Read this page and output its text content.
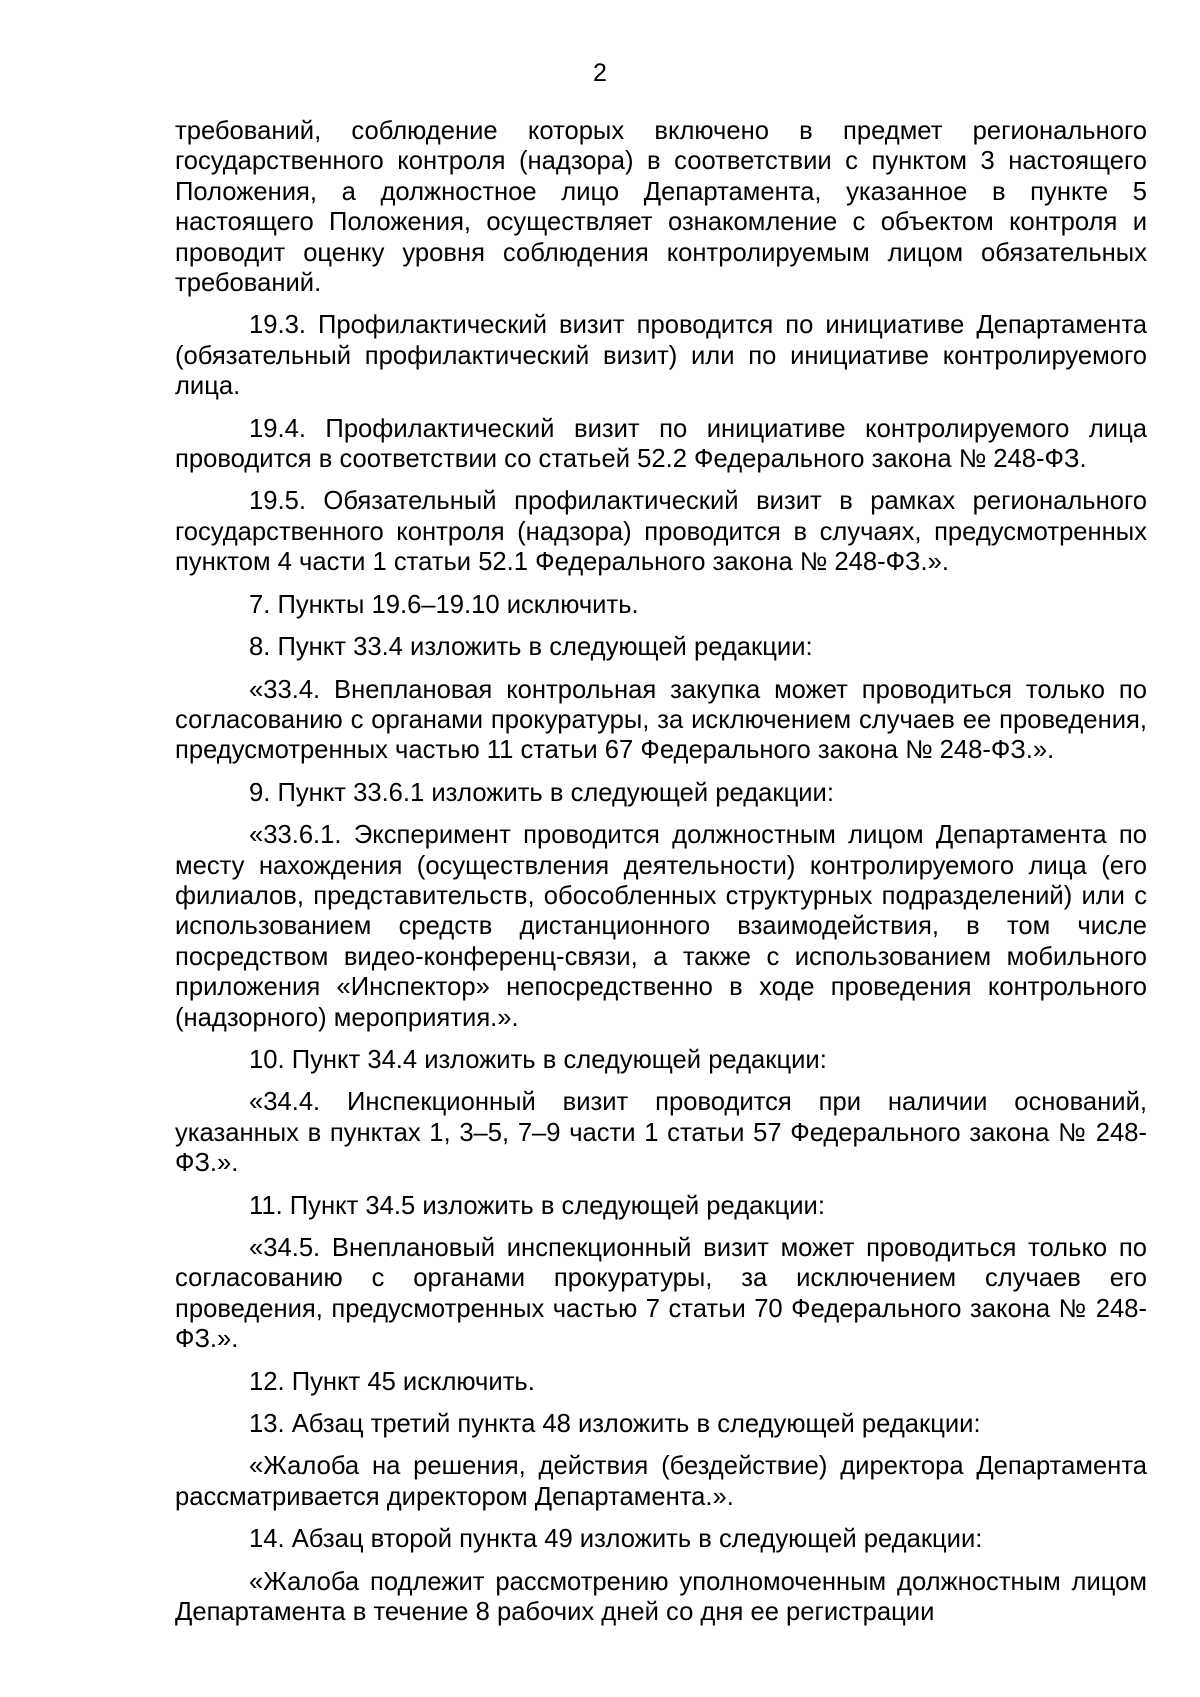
2

требований, соблюдение которых включено в предмет регионального государственного контроля (надзора) в соответствии с пунктом 3 настоящего Положения, а должностное лицо Департамента, указанное в пункте 5 настоящего Положения, осуществляет ознакомление с объектом контроля и проводит оценку уровня соблюдения контролируемым лицом обязательных требований.

19.3. Профилактический визит проводится по инициативе Департамента (обязательный профилактический визит) или по инициативе контролируемого лица.

19.4. Профилактический визит по инициативе контролируемого лица проводится в соответствии со статьей 52.2 Федерального закона № 248-ФЗ.

19.5. Обязательный профилактический визит в рамках регионального государственного контроля (надзора) проводится в случаях, предусмотренных пунктом 4 части 1 статьи 52.1 Федерального закона № 248-ФЗ.».

7. Пункты 19.6–19.10 исключить.

8. Пункт 33.4 изложить в следующей редакции:

«33.4. Внеплановая контрольная закупка может проводиться только по согласованию с органами прокуратуры, за исключением случаев ее проведения, предусмотренных частью 11 статьи 67 Федерального закона № 248-ФЗ.».

9. Пункт 33.6.1 изложить в следующей редакции:

«33.6.1. Эксперимент проводится должностным лицом Департамента по месту нахождения (осуществления деятельности) контролируемого лица (его филиалов, представительств, обособленных структурных подразделений) или с использованием средств дистанционного взаимодействия, в том числе посредством видео-конференц-связи, а также с использованием мобильного приложения «Инспектор» непосредственно в ходе проведения контрольного (надзорного) мероприятия.».

10. Пункт 34.4 изложить в следующей редакции:

«34.4. Инспекционный визит проводится при наличии оснований, указанных в пунктах 1, 3–5, 7–9 части 1 статьи 57 Федерального закона № 248-ФЗ.».

11. Пункт 34.5 изложить в следующей редакции:

«34.5. Внеплановый инспекционный визит может проводиться только по согласованию с органами прокуратуры, за исключением случаев его проведения, предусмотренных частью 7 статьи 70 Федерального закона № 248-ФЗ.».

12. Пункт 45 исключить.

13. Абзац третий пункта 48 изложить в следующей редакции:

«Жалоба на решения, действия (бездействие) директора Департамента рассматривается директором Департамента.».

14. Абзац второй пункта 49 изложить в следующей редакции:

«Жалоба подлежит рассмотрению уполномоченным должностным лицом Департамента в течение 8 рабочих дней со дня ее регистрации
